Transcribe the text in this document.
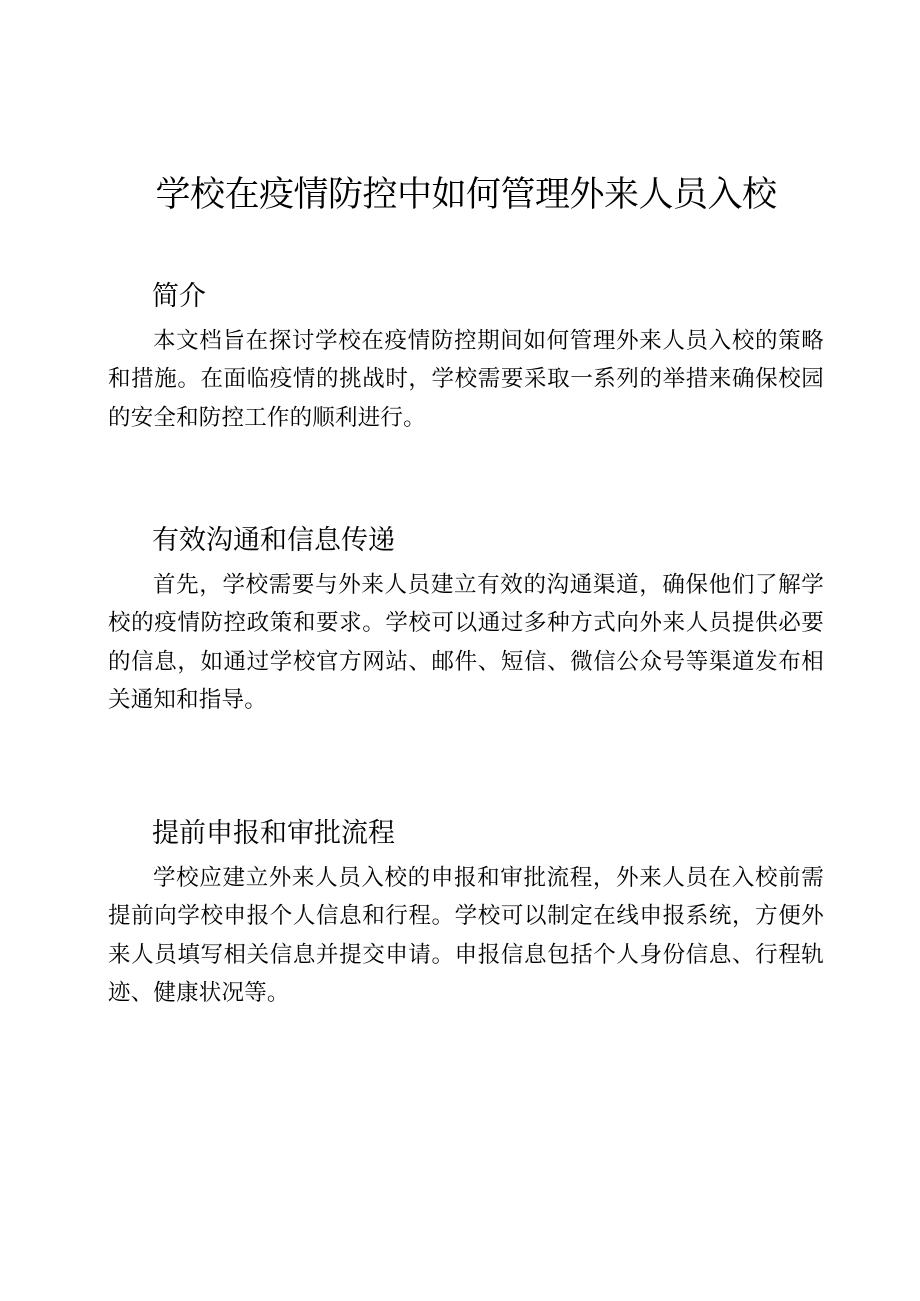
学校在疫情防控中如何管理外来人员入校
简介

本文档旨在探讨学校在疫情防控期间如何管理外来人员入校的策略和措施。在面临疫情的挑战时，学校需要采取一系列的举措来确保校园的安全和防控工作的顺利进行。

有效沟通和信息传递

首先，学校需要与外来人员建立有效的沟通渠道，确保他们了解学校的疫情防控政策和要求。学校可以通过多种方式向外来人员提供必要的信息，如通过学校官方网站、邮件、短信、微信公众号等渠道发布相关通知和指导。

提前申报和审批流程

学校应建立外来人员入校的申报和审批流程，外来人员在入校前需提前向学校申报个人信息和行程。学校可以制定在线申报系统，方便外来人员填写相关信息并提交申请。申报信息包括个人身份信息、行程轨迹、健康状况等。
